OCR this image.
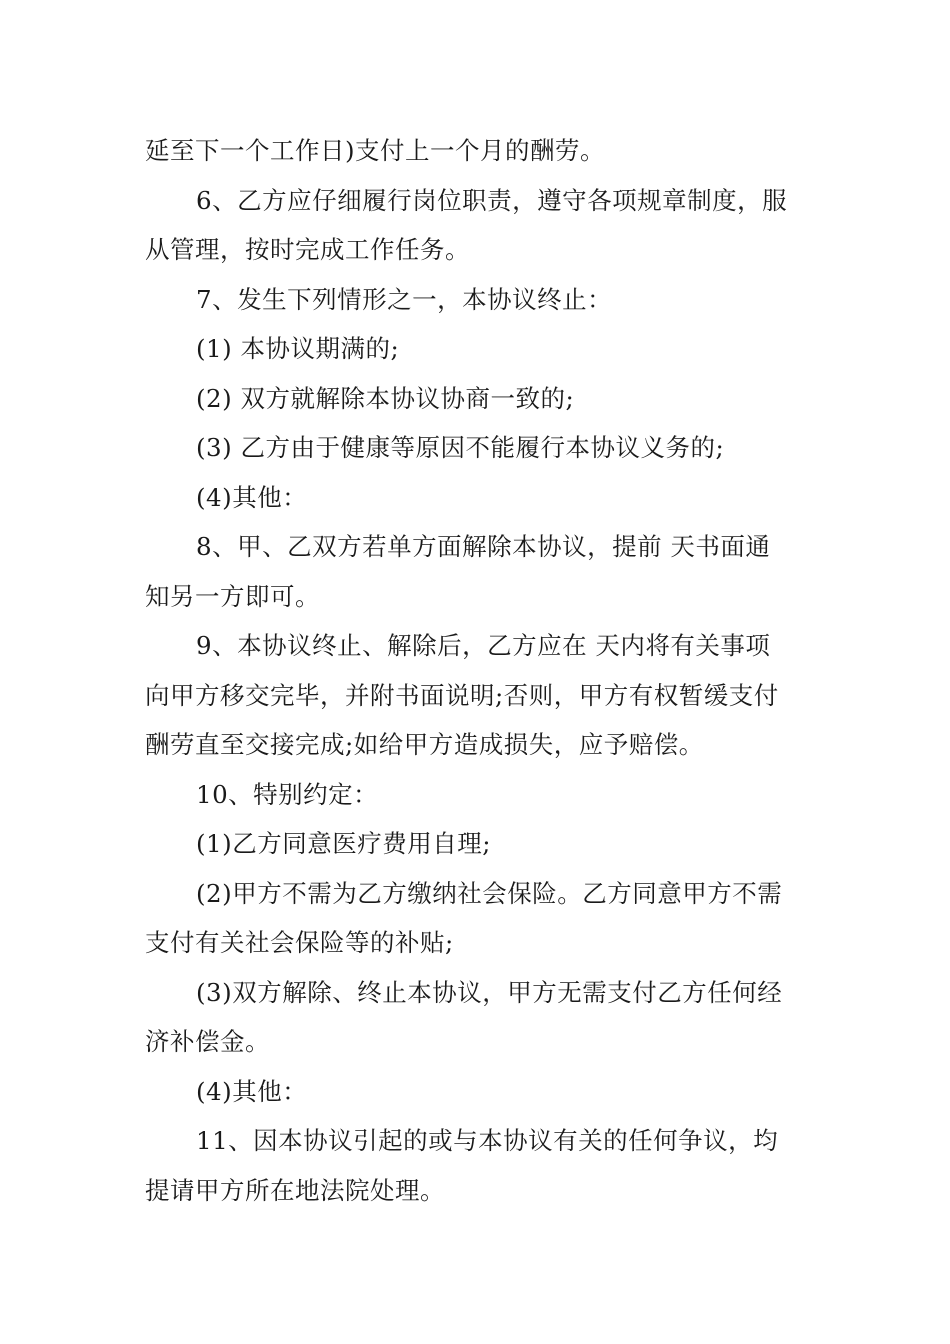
延至下一个工作日)支付上一个月的酬劳。

6、乙方应仔细履行岗位职责，遵守各项规章制度，服
从管理，按时完成工作任务。

7、发生下列情形之一，本协议终止：

(1) 本协议期满的;

(2) 双方就解除本协议协商一致的;

(3) 乙方由于健康等原因不能履行本协议义务的;

(4)其他：

8、甲、乙双方若单方面解除本协议，提前 天书面通
知另一方即可。

9、本协议终止、解除后，乙方应在 天内将有关事项
向甲方移交完毕，并附书面说明;否则，甲方有权暂缓支付
酬劳直至交接完成;如给甲方造成损失，应予赔偿。

10、特别约定：

(1)乙方同意医疗费用自理;

(2)甲方不需为乙方缴纳社会保险。乙方同意甲方不需
支付有关社会保险等的补贴;

(3)双方解除、终止本协议，甲方无需支付乙方任何经
济补偿金。

(4)其他：

11、因本协议引起的或与本协议有关的任何争议，均
提请甲方所在地法院处理。
